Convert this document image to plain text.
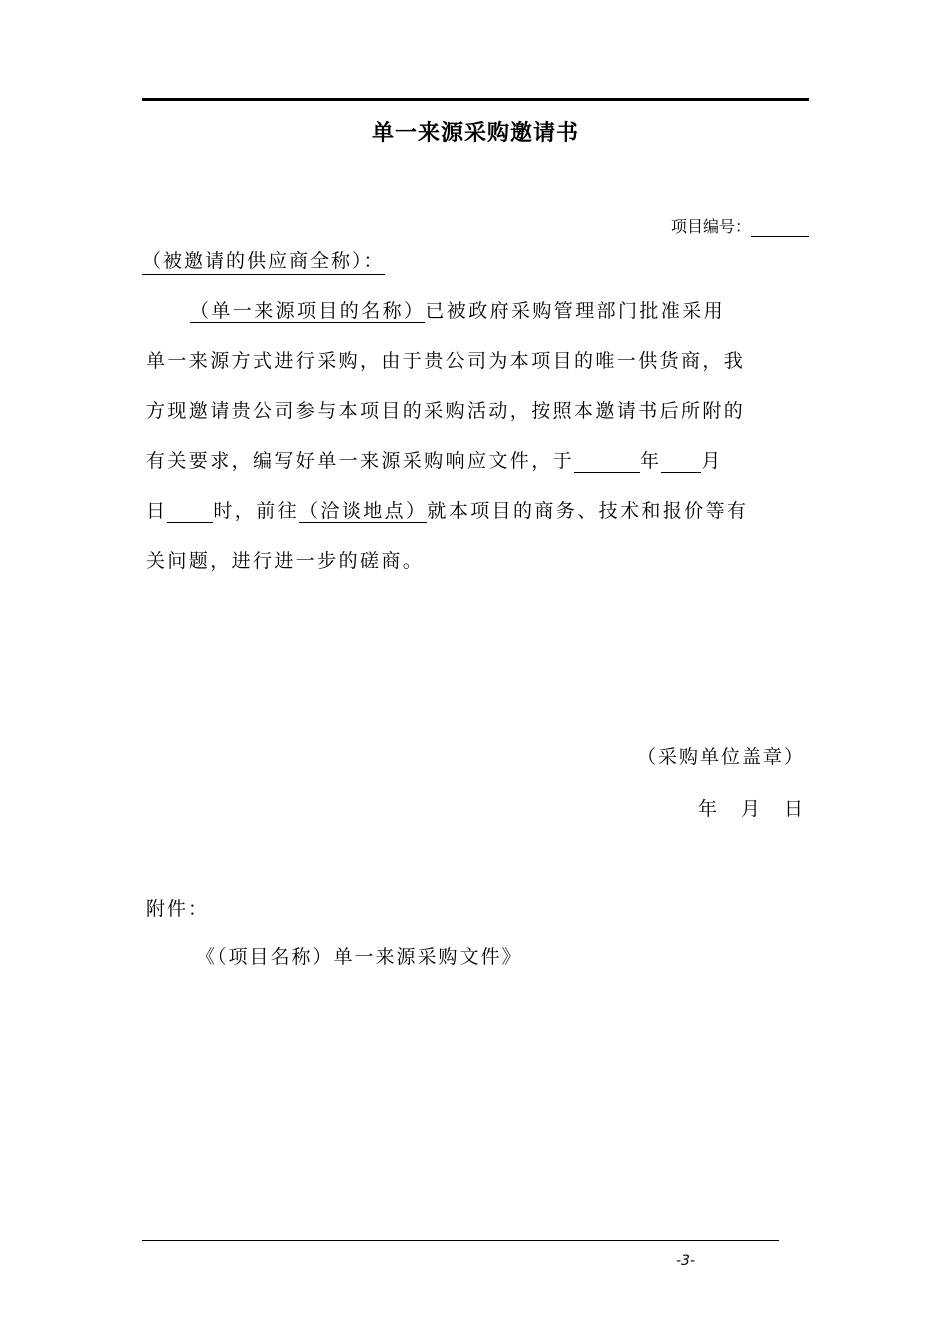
单一来源采购邀请书
项目编号：
（被邀请的供应商全称）：
（单一来源项目的名称）已被政府采购管理部门批准采用
单一来源方式进行采购，由于贵公司为本项目的唯一供货商，我
方现邀请贵公司参与本项目的采购活动，按照本邀请书后所附的
有关要求，编写好单一来源采购响应文件，于	年 月
日 时，前往（洽谈地点）就本项目的商务、技术和报价等有
关问题，进行进一步的磋商。
（采购单位盖章）
年 月 日
附件：
《（项目名称）单一来源采购文件》
-3-
